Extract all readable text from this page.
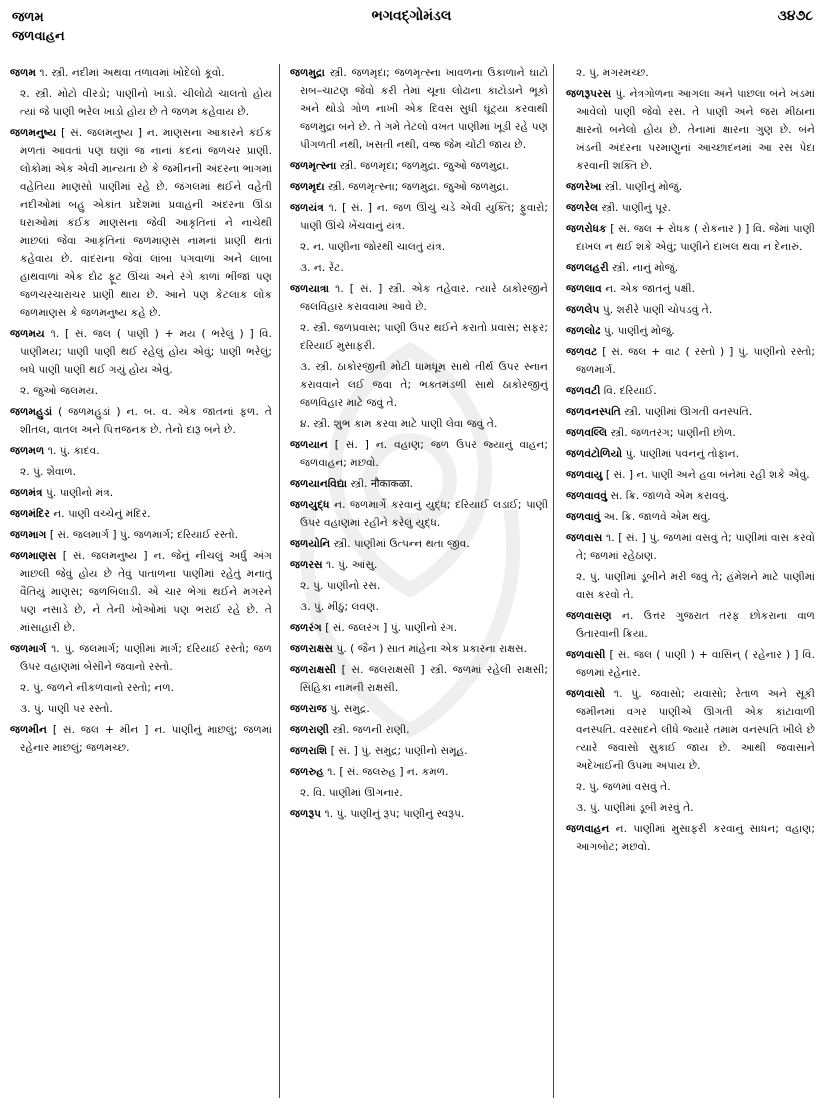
જળમ
જળવાહન
ભગવદ્ગોમંડલ	૩૪૭૮

જળમ ૧. સ્ત્રી. નદીમાં અથવા તળાવમાં ખોદેલો કૂવો.

૨. સ્ત્રી. મોટો વીરડો; પાણીનો ખાડો. ચીલોઢો ચાલતો હોય ત્યાં જે પાણી ભરેલ ખાડો હોય છે તે જળમ કહેવાય છે.

જળમનુષ્ય [ સં. જલમનુષ્ય ] ન. માણસના આકારને કંઈક મળતાં આવતાં પણ ઘણાં જ નાનાં કદનાં જળચર પ્રાણી. લોકોમાં એક એવી માન્યતા છે કે જમીનની અંદરના ભાગમાં વહેતિયા માણસો પાણીમાં રહે છે. જંગલમાં થઈને વહેતી નદીઓમાં બહુ એકાંત પ્રદેશમાં પ્રવાહની અંદરના ઊંડા ધરાઓમાં કંઈક માણસના જેવી આકૃતિનાં ને નાચેથી માછલાં જેવા આકૃતિનાં જળમાણસ નામનાં પ્રાણી થતાં કહેવાય છે. વાંદરાના જેવાં લાંબા પગવાળાં અને લાંબા હાથવાળાં એક દોઢ ફૂટ ઊંચાં અને રંગે કાળાં ભીંજાં પણ જળચરચારાચર પ્રાણી થાય છે. આને પણ કેટલાક લોક જળમાણસ કે જળમનુષ્ય કહે છે.

જળમય ૧. [ સં. જલ ( પાણી ) + મય ( ભરેલું ) ] વિ. પાણીમય; પાણી પાણી થઈ રહેલું હોય એવું; પાણી ભરેલું; બધે પાણી પાણી થઈ ગયું હોય એવું.

૨. જુઓ જલમય.

જળમહુડાં ( જળમહુડાં ) ન. બ. વ. એક જાતનાં ફળ. તે શીતલ, વાતલ અને પિત્તજનક છે. તેનો દારૂ બને છે.

જળમળ ૧. પું. કાદવ.

૨. પું. શેવાળ.

જળમંત્ર પું. પાણીનો મંત્ર.

જળમંદિર ન. પાણી વચ્ચેનું મંદિર.

જળમાગ [ સં. જલમાર્ગ ] પું. જળમાર્ગ; દરિયાઈ રસ્તો.

જળમાણસ [ સં. જલમનુષ્ય ] ન. જેનું નીચલું અર્ધું અંગ માછલી જેવું હોય છે તેવું પાતાળના પાણીમાં રહેતું મનાતું વૈતિયું માણસ; જળબિલાડી. એ ચાર ભેગાં થઈને મગરને પણ નસાડે છે, ને તેની ખોઓમાં પણ ભરાઈ રહે છે. તે માંસાહારી છે.

જળમાર્ગ ૧. પું. જલમાર્ગ; પાણીમાં માર્ગ; દરિયાઈ રસ્તો; જળ ઉપર વહાણમાં બેસીને જવાનો રસ્તો.

૨. પું. જળને નીકળવાનો રસ્તો; નળ.

૩. પું. પાણી પર રસ્તો.

જળમીન [ સં. જલ + મીન ] ન. પાણીનું માછલું; જળમાં રહેનાર માછલું; જળમચ્છ.

જળમુદ્રા સ્ત્રી. જળમૃદા; જળમૃત્સ્ના ખાવળના ઉકાળાને ઘાટો રાબ–ચાટણ જેવો કરી તેમાં ચૂના લોઢાના કાટોડાને ભૂકો અને થોડો ગોળ નાખી એક દિવસ સુધી ઘૂંટ્યા કરવાથી જળમુદ્રા બને છે. તે ગમે તેટલો વખત પાણીમાં ખૂડી રહે પણ પીગળતી નથી, ખસતી નથી, વજ્ર જેમ ચોંટી જાય છે.

જળમૃત્સ્ના સ્ત્રી. જળમૃદા; જળમુદ્રા. જુઓ જળમુદ્રા.

જળમૃદા સ્ત્રી. જળમૃત્સ્ના; જળમુદ્રા. જુઓ જળમુદ્રા.

જળયંત્ર ૧. [ સં. ] ન. જળ ઊંચું ચડે એવી યુક્તિ; ફુવારો; પાણી ઊંચે ખેંચવાનું યંત્ર.

૨. ન. પાણીના જોરથી ચાલતું યંત્ર.

૩. ન. રેંટ.

જળયાત્રા ૧. [ સં. ] સ્ત્રી. એક તહેવાર. ત્યારે ઠાકોરજીને જલવિહાર કરાવવામાં આવે છે.

૨. સ્ત્રી. જળપ્રવાસ; પાણી ઉપર થઈને કરાતો પ્રવાસ; સફર; દરિયાઈ મુસાફરી.

૩. સ્ત્રી. ઠાકોરજીની મોટી ધામધૂમ સાથે તીર્થ ઉપર સ્નાન કરાવવાને લઈ જવા તે; ભક્તમંડળી સાથે ઠાકોરજીનું જળવિહાર માટે જવું તે.

૪. સ્ત્રી. શુભ કામ કરવા માટે પાણી લેવા જવું તે.

જળયાન [ સં. ] ન. વહાણ; જળ ઉપર જ્યાનું વાહન; જળવાહન; મછવો.

જળયાનવિદ્યા સ્ત્રી. नौकाकळा.

જળયુદ્ધ ન. જળમાર્ગે કરવાનું યુદ્ધ; દરિયાઈ લડાઈ; પાણી ઉપર વહાણમાં રહીને કરેલું યુદ્ધ.

જળયોનિ સ્ત્રી. પાણીમાં ઉત્પન્ન થતા જીવ.

જળરસ ૧. પું. આંસુ.

૨. પું. પાણીનો રસ.

૩. પું. મીઠું; લવણ.

જળરંગ [ સં. જલરંગ ] પું. પાણીનો રંગ.

જળરાક્ષસ પું. ( જૈન ) સાત માંહેના એક પ્રકારના રાક્ષસ.

જળરાક્ષસી [ સં. જલરાક્ષસી ] સ્ત્રી. જળમાં રહેલી રાક્ષસી; સિંહિકા નામની રાક્ષસી.

જળરાજ પું. સમુદ્ર.

જળરાણી સ્ત્રી. જળની રાણી.

જળરાશિ [ સં. ] પું. સમુદ્ર; પાણીનો સમૂહ.

જળરુહ ૧. [ સં. જલરુહ ] ન. કમળ.

૨. વિ. પાણીમાં ઊગનાર.

જળરૂપ ૧. પું. પાણીનું રૂપ; પાણીનું સ્વરૂપ.

૨. પું. મગરમચ્છ.

જળરૂપરસ પું. નેત્રગોળના આગલા અને પાછલા બંને ખંડમાં આવેલો પાણી જેવો રસ. તે પાણી અને જરા મીઠાના ક્ષારનો બનેલો હોય છે. તેનામાં ક્ષારના ગુણ છે. બંને ખંડની અંદરના પરમાણુનાં આચ્છાદનમાં આ રસ પેદા કરવાની શક્તિ છે.

જળરેખા સ્ત્રી. પાણીનું મોજું.

જળરેલ સ્ત્રી. પાણીનું પૂર.

જળરોધક [ સં. જલ + રોધક ( રોકનાર ) ] વિ. જેમાં પાણી દાખલ ન થઈ શકે એવું; પાણીને દાખલ થવા ન દેનારું.

જળલહરી સ્ત્રી. નાનું મોજું.

જળલાવ ન. એક જાતનું પક્ષી.

જળલેપ પું. શરીરે પાણી ચોપડવું તે.

જળલોઢ પું. પાણીનું મોજું.

જળવટ [ સં. જલ + વાટ ( રસ્તો ) ] પું. પાણીનો રસ્તો; જળમાર્ગ.

જળવટી વિ. દરિયાઈ.

જળવનસ્પતિ સ્ત્રી. પાણીમાં ઊગતી વનસ્પતિ.

જળવલ્લિ સ્ત્રી. જળતરંગ; પાણીની છોળ.

જળવંટોળિયો પું. પાણીમાં પવનનું તોફાન.

જળવાયુ [ સં. ] ન. પાણી અને હવા બંનેમાં રહી શકે એવું.

જળવાવવું સ. ક્રિ. જાળવે એમ કરાવવું.

જળવાવું અ. ક્રિ. જાળવે એમ થવું.

જળવાસ ૧. [ સં. ] પું. જળમાં વસવું તે; પાણીમાં વાસ કરવો તે; જળમાં રહેઠાણ.

૨. પું. પાણીમાં ડૂબીને મરી જવું તે; હંમેશને માટે પાણીમાં વાસ કરવો તે.

જળવાસણ ન. ઉત્તર ગુજરાત તરફ છોકરાના વાળ ઉતારવાની ક્રિયા.

જળવાસી [ સં. જલ ( પાણી ) + વાસિન્ ( રહેનાર ) ] વિ. જળમાં રહેનાર.

જળવાસો ૧. પું. જવાસો; યવાસો; રેતાળ અને સૂકી જમીનમાં વગર પાણીએ ઊગતી એક કાંટાવાળી વનસ્પતિ. વરસાદને લીધે જ્યારે તમામ વનસ્પતિ ખીલે છે ત્યારે જવાસો સુકાઈ જાય છે. આથી જવાસાને અદેખાઈની ઉપમા અપાય છે.

૨. પું. જળમાં વસવું તે.

૩. પું. પાણીમાં ડૂબી મરવું તે.

જળવાહન ન. પાણીમાં મુસાફરી કરવાનું સાધન; વહાણ; આગબોટ; મછવો.
